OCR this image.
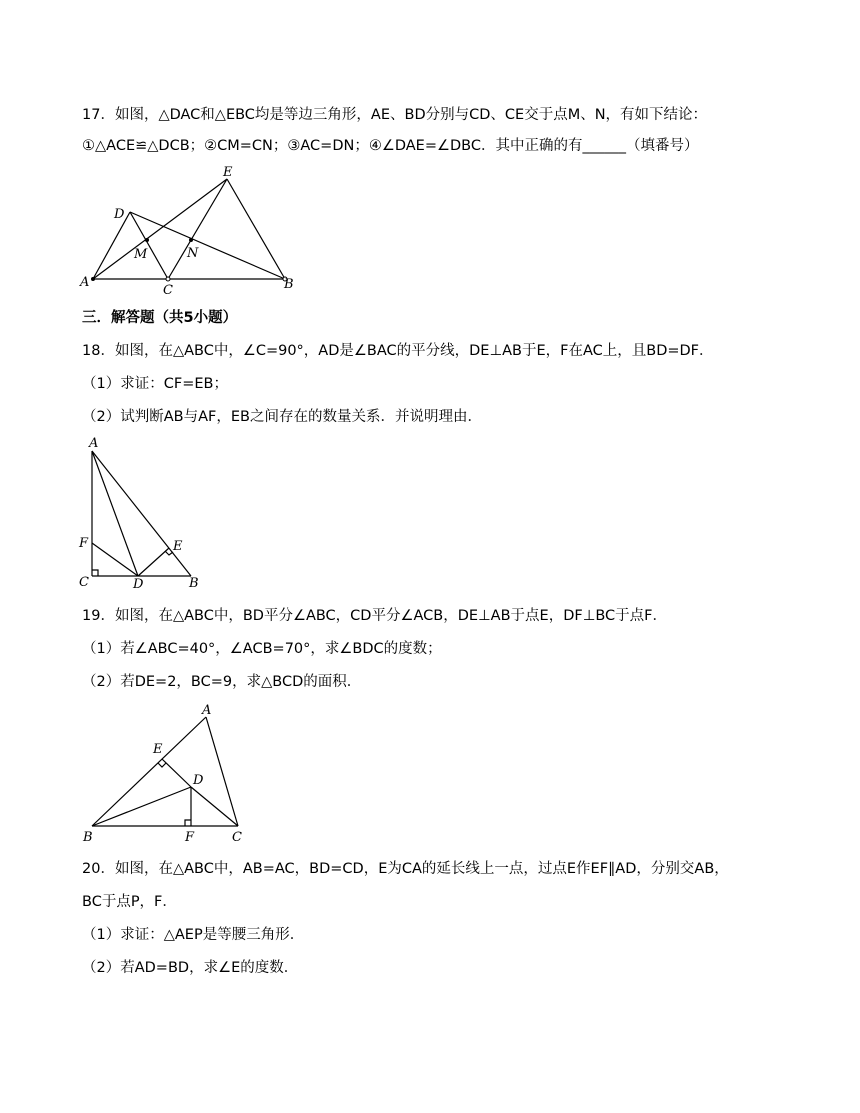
17．如图，△DAC和△EBC均是等边三角形，AE、BD分别与CD、CE交于点M、N，有如下结论：
①△ACE≌△DCB；②CM=CN；③AC=DN；④∠DAE=∠DBC．其中正确的有______（填番号）
D
E
A
C	B
M	N
三．解答题（共5小题）
18．如图，在△ABC中，∠C=90°，AD是∠BAC的平分线，DE⊥AB于E，F在AC上，且BD=DF．
（1）求证：CF=EB；
（2）试判断AB与AF，EB之间存在的数量关系．并说明理由．
A
F
C	D
E
B
19．如图，在△ABC中，BD平分∠ABC，CD平分∠ACB，DE⊥AB于点E，DF⊥BC于点F．
（1）若∠ABC=40°，∠ACB=70°，求∠BDC的度数；
（2）若DE=2，BC=9，求△BCD的面积．
A
E
D
B	F	C
20．如图，在△ABC中，AB=AC，BD=CD，E为CA的延长线上一点，过点E作EF∥AD，分别交AB，
BC于点P，F．
（1）求证：△AEP是等腰三角形．
（2）若AD=BD，求∠E的度数．
